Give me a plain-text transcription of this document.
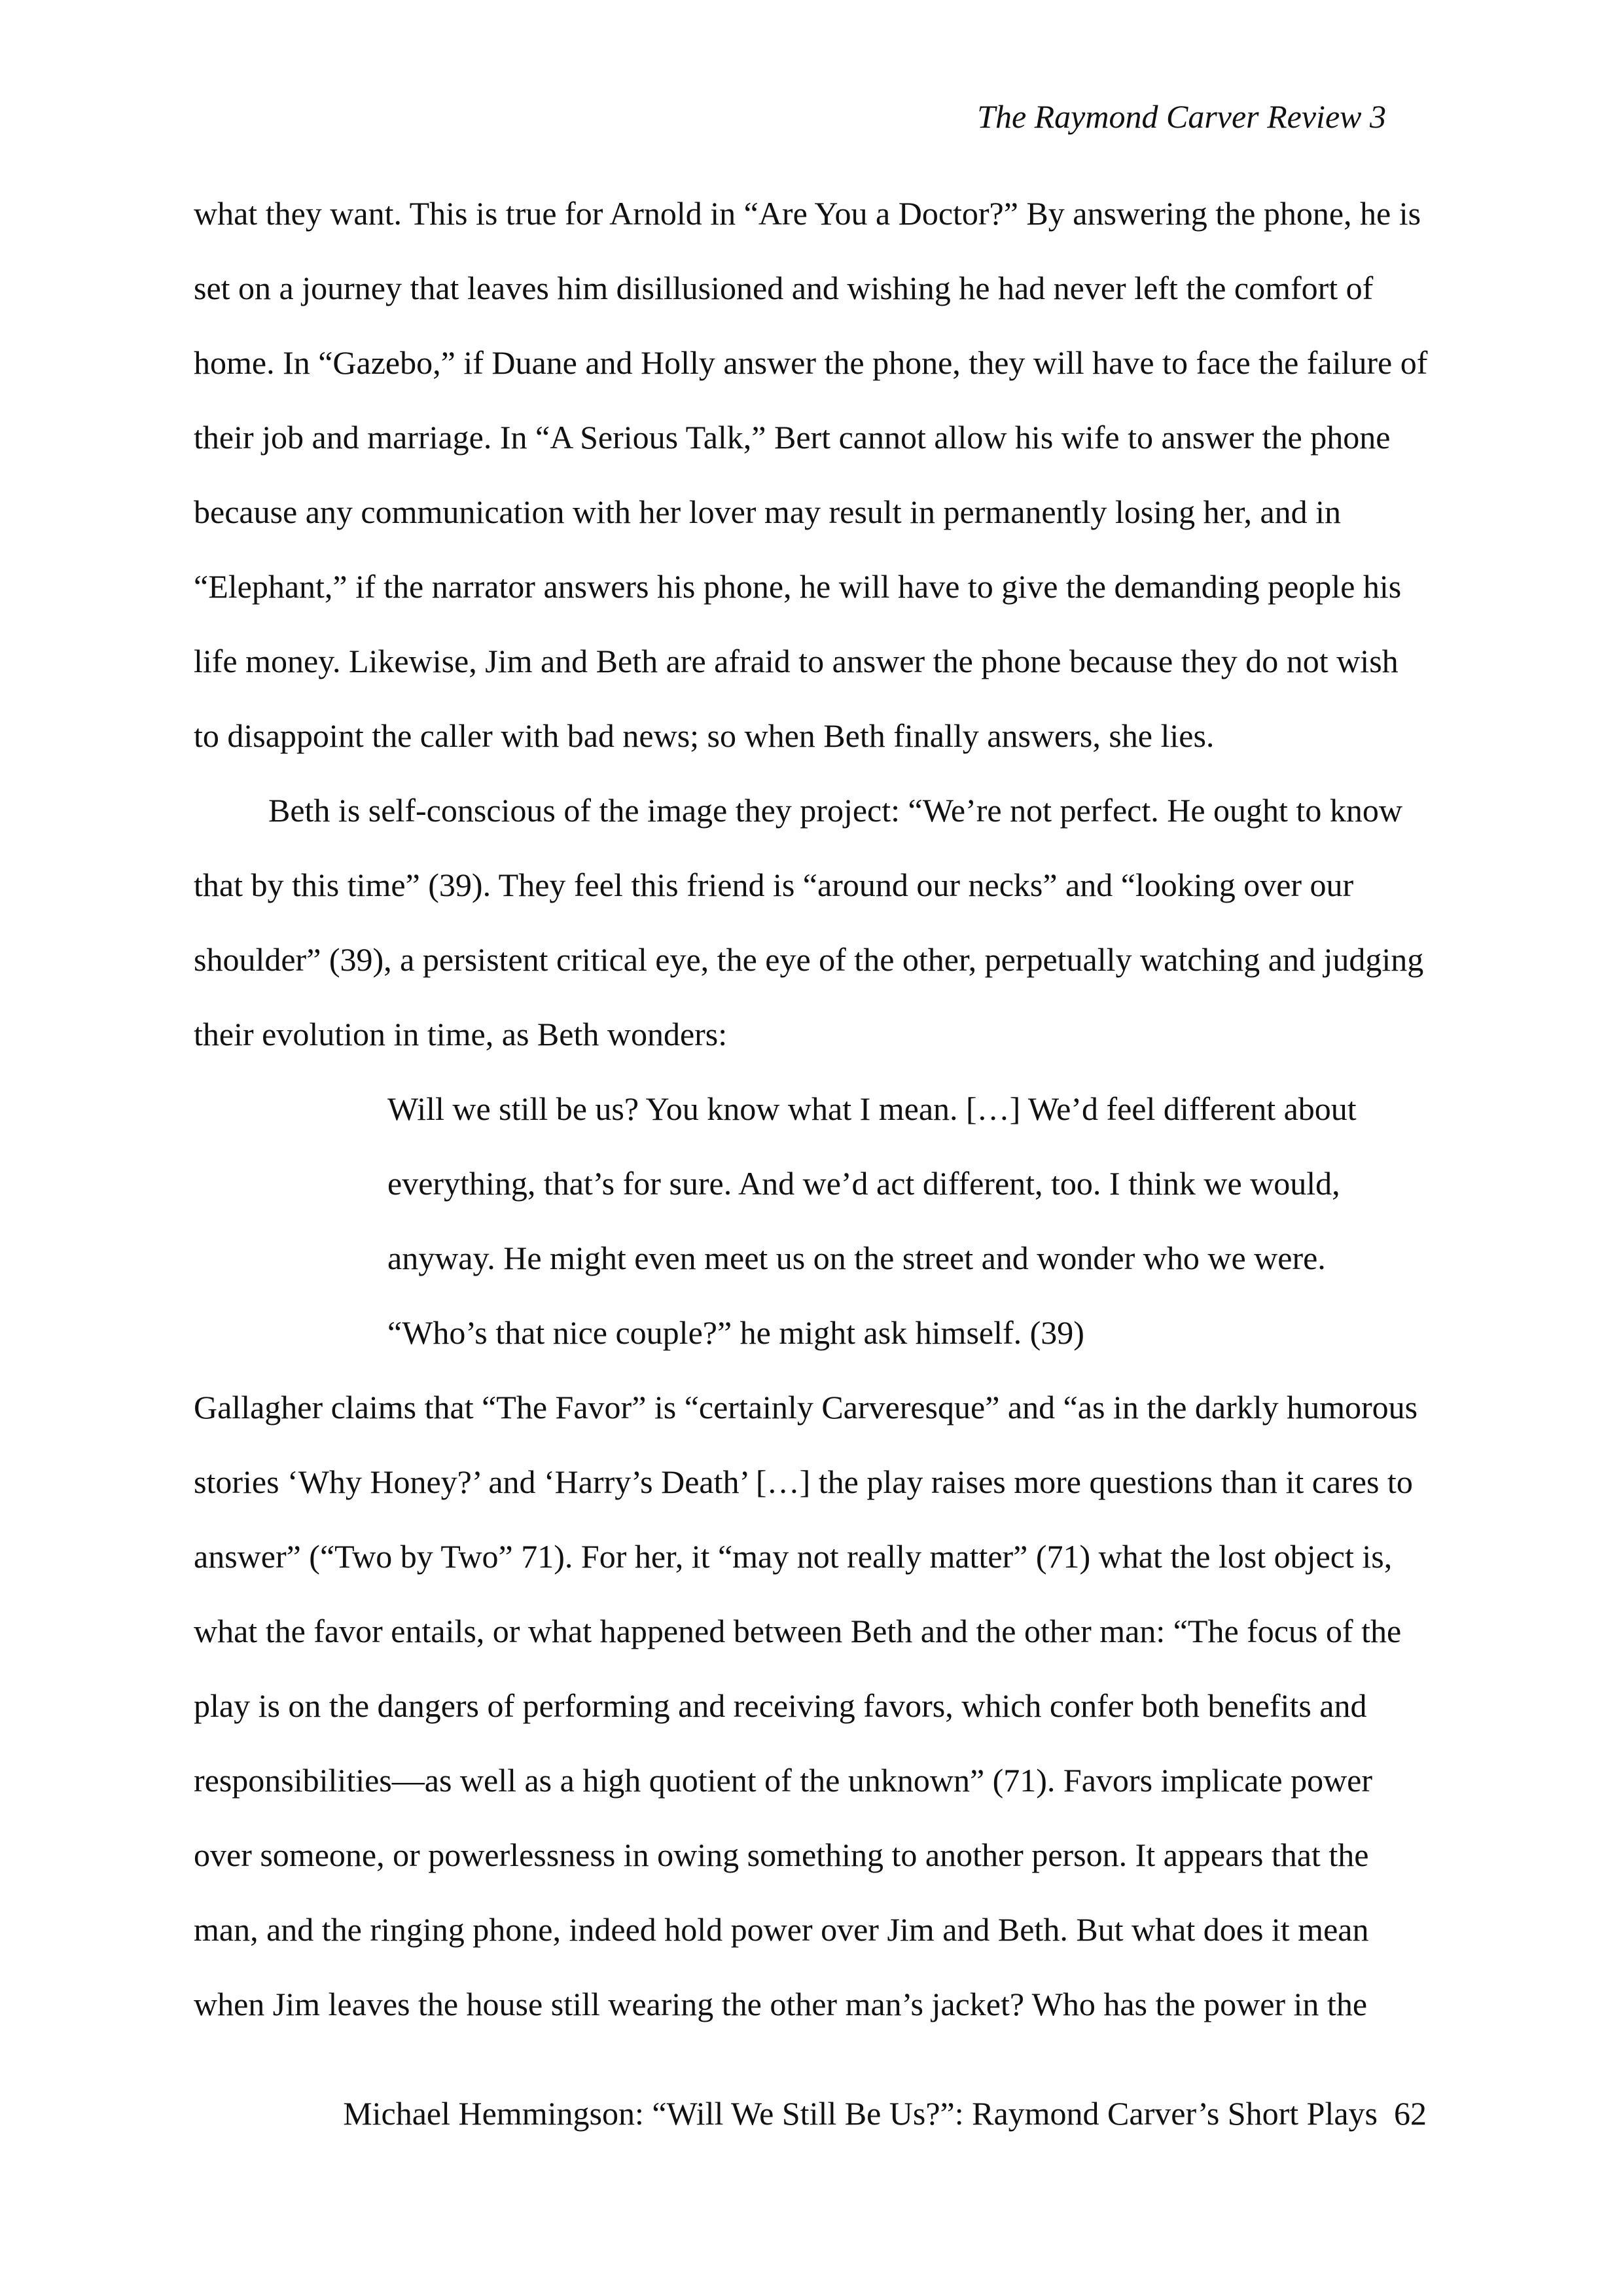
The Raymond Carver Review 3
what they want. This is true for Arnold in “Are You a Doctor?” By answering the phone, he is
set on a journey that leaves him disillusioned and wishing he had never left the comfort of
home. In “Gazebo,” if Duane and Holly answer the phone, they will have to face the failure of
their job and marriage. In “A Serious Talk,” Bert cannot allow his wife to answer the phone
because any communication with her lover may result in permanently losing her, and in
“Elephant,” if the narrator answers his phone, he will have to give the demanding people his
life money. Likewise, Jim and Beth are afraid to answer the phone because they do not wish
to disappoint the caller with bad news; so when Beth finally answers, she lies.
Beth is self-conscious of the image they project: “We’re not perfect. He ought to know
that by this time” (39). They feel this friend is “around our necks” and “looking over our
shoulder” (39), a persistent critical eye, the eye of the other, perpetually watching and judging
their evolution in time, as Beth wonders:
Will we still be us? You know what I mean. […] We’d feel different about
everything, that’s for sure. And we’d act different, too. I think we would,
anyway. He might even meet us on the street and wonder who we were.
“Who’s that nice couple?” he might ask himself. (39)
Gallagher claims that “The Favor” is “certainly Carveresque” and “as in the darkly humorous
stories ‘Why Honey?’ and ‘Harry’s Death’ […] the play raises more questions than it cares to
answer” (“Two by Two” 71). For her, it “may not really matter” (71) what the lost object is,
what the favor entails, or what happened between Beth and the other man: “The focus of the
play is on the dangers of performing and receiving favors, which confer both benefits and
responsibilities—as well as a high quotient of the unknown” (71). Favors implicate power
over someone, or powerlessness in owing something to another person. It appears that the
man, and the ringing phone, indeed hold power over Jim and Beth. But what does it mean
when Jim leaves the house still wearing the other man’s jacket? Who has the power in the
Michael Hemmingson: “Will We Still Be Us?”: Raymond Carver’s Short Plays 62
